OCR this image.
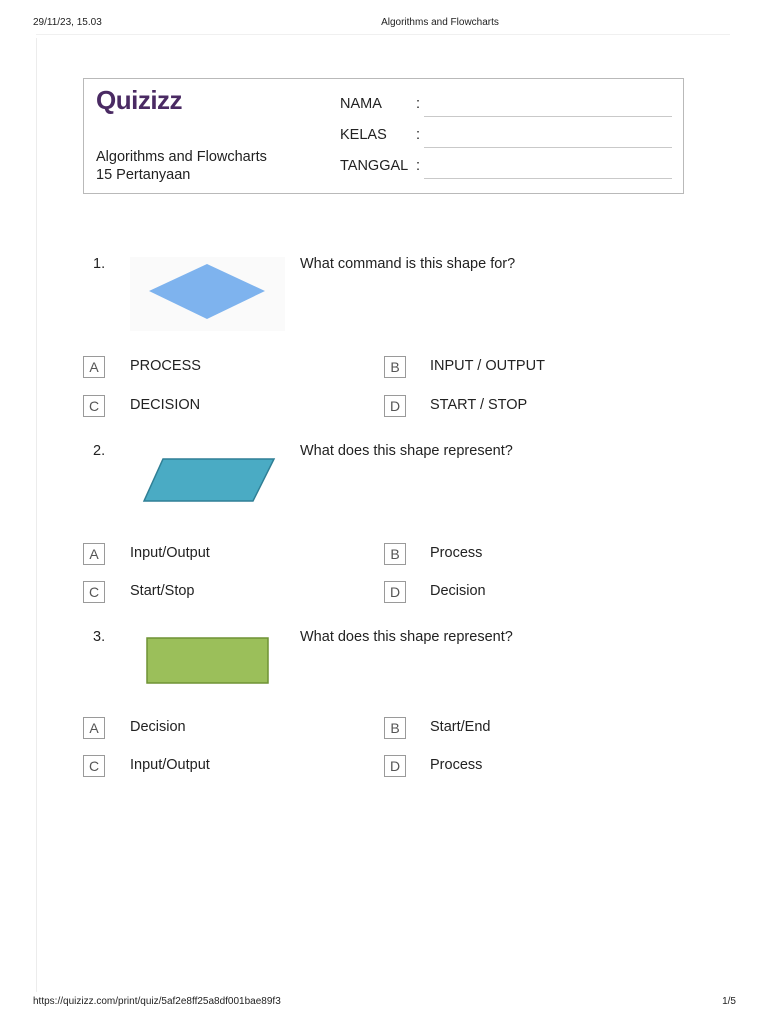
29/11/23, 15.03	Algorithms and Flowcharts
https://quizizz.com/print/quiz/5af2e8ff25a8df001bae89f3	1/5
Quizizz
Algorithms and Flowcharts
15 Pertanyaan
NAMA :
KELAS :
TANGGAL :
1.	What command is this shape for?
A	PROCESS	B	INPUT / OUTPUT
C	DECISION	D	START / STOP
2.	What does this shape represent?
A	Input/Output	B	Process
C	Start/Stop	D	Decision
3.	What does this shape represent?
A	Decision	B	Start/End
C	Input/Output	D	Process
